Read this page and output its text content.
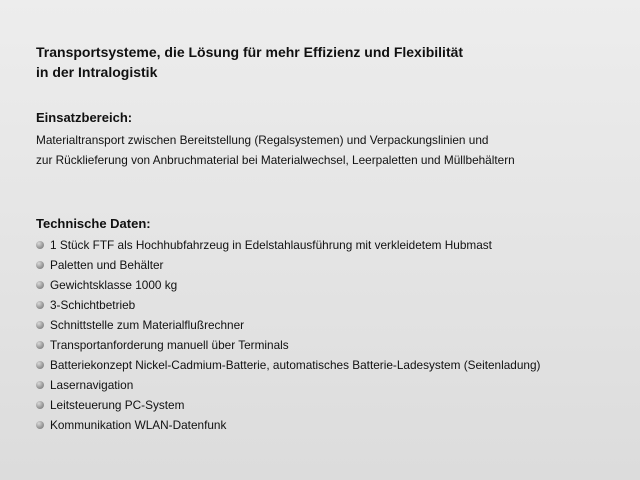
Transportsysteme, die Lösung für mehr Effizienz und Flexibilität
in der Intralogistik
Einsatzbereich:

Materialtransport zwischen Bereitstellung (Regalsystemen) und Verpackungslinien und

zur Rücklieferung von Anbruchmaterial bei Materialwechsel, Leerpaletten und Müllbehältern

Technische Daten:
1 Stück FTF als Hochhubfahrzeug in Edelstahlausführung mit verkleidetem Hubmast
Paletten und Behälter
Gewichtsklasse 1000 kg
3-Schichtbetrieb
Schnittstelle zum Materialflußrechner
Transportanforderung manuell über Terminals
Batteriekonzept Nickel-Cadmium-Batterie, automatisches Batterie-Ladesystem (Seitenladung)
Lasernavigation
Leitsteuerung PC-System
Kommunikation WLAN-Datenfunk
